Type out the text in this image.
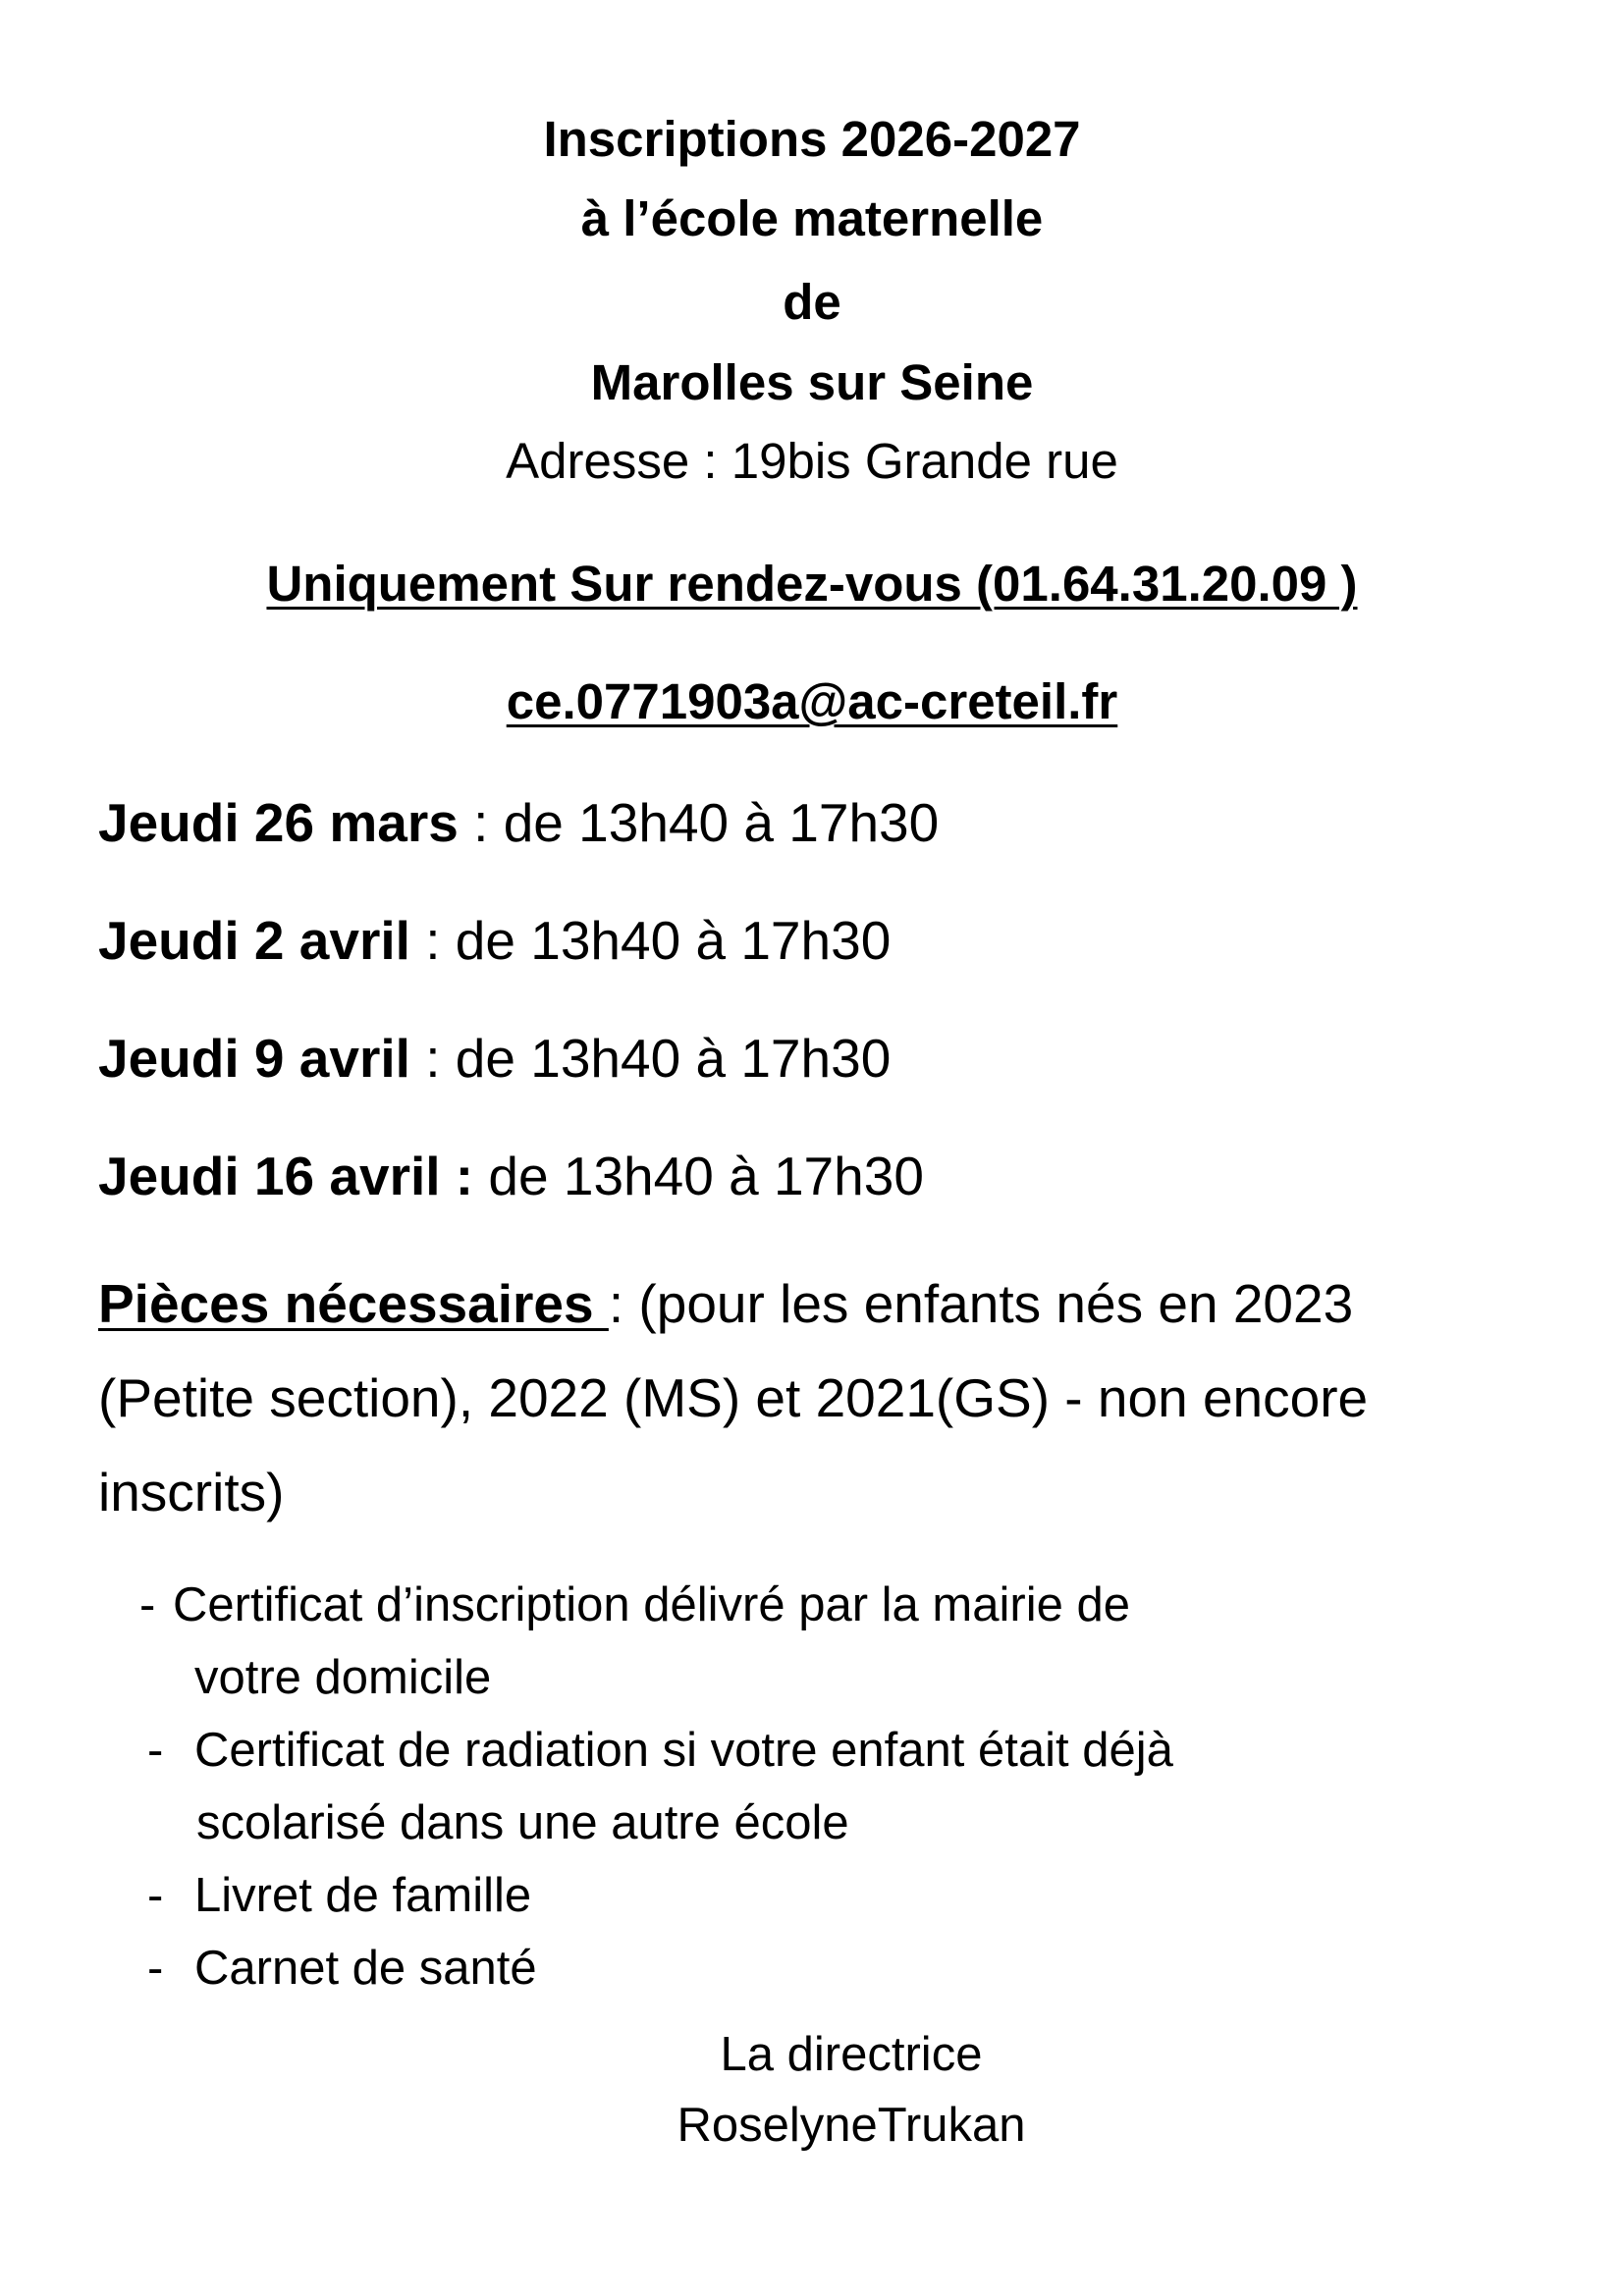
Inscriptions 2026-2027
à l’école maternelle
de
Marolles sur Seine
Adresse : 19bis Grande rue
Uniquement Sur rendez-vous (01.64.31.20.09 )
ce.0771903a@ac-creteil.fr
Jeudi 26 mars : de 13h40 à 17h30
Jeudi 2 avril : de 13h40 à 17h30
Jeudi 9 avril : de 13h40 à 17h30
Jeudi 16 avril : de 13h40 à 17h30
Pièces nécessaires : (pour les enfants nés en 2023
(Petite section), 2022 (MS) et 2021(GS) - non encore
inscrits)
- Certificat d’inscription délivré par la mairie de
votre domicile
- Certificat de radiation si votre enfant était déjà
scolarisé dans une autre école
- Livret de famille
- Carnet de santé
La directrice
RoselyneTrukan
